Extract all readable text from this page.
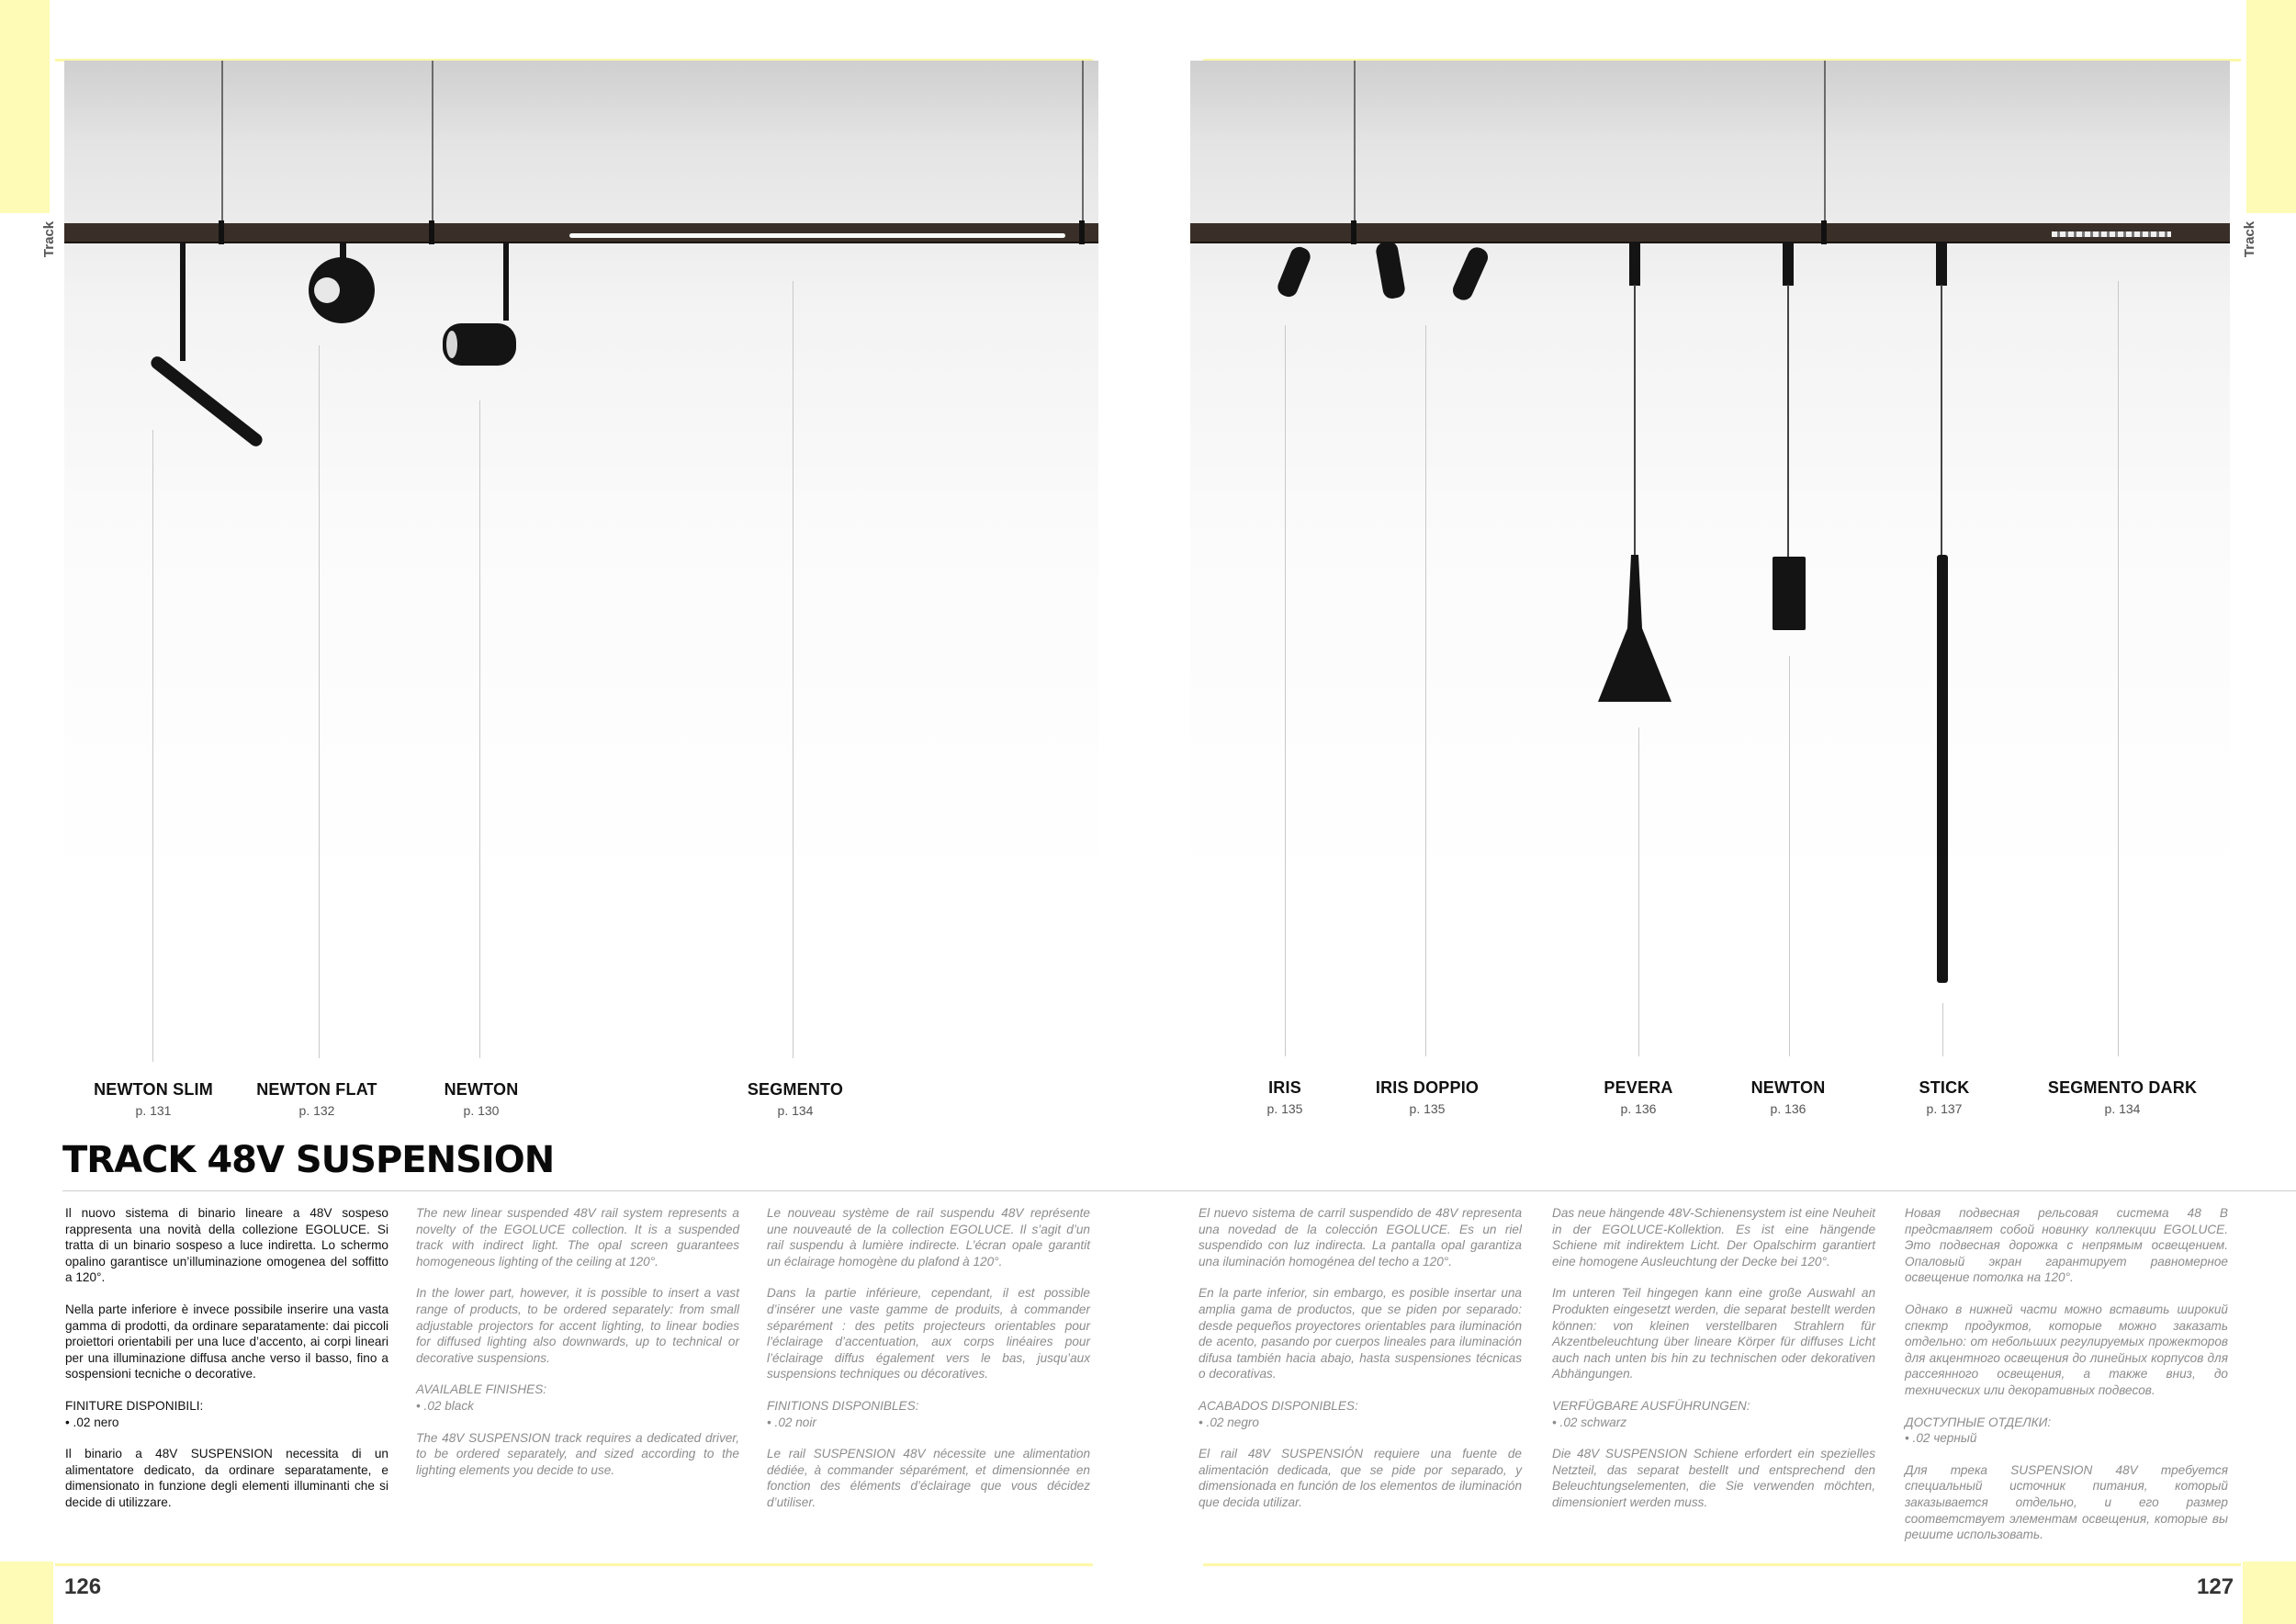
Track	Track
NEWTON SLIM
p. 131
NEWTON FLAT
p. 132
NEWTON
p. 130
SEGMENTO
p. 134
IRIS
p. 135
IRIS DOPPIO
p. 135
PEVERA
p. 136
NEWTON
p. 136
STICK
p. 137
SEGMENTO DARK
p. 134
TRACK 48V SUSPENSION

Il nuovo sistema di binario lineare a 48V sospeso rappresenta una novità della collezione EGOLUCE. Si tratta di un binario sospeso a luce indiretta. Lo schermo opalino garantisce un’illuminazione omogenea del soffitto a 120°.

Nella parte inferiore è invece possibile inserire una vasta gamma di prodotti, da ordinare separatamente: dai piccoli proiettori orientabili per una luce d’accento, ai corpi lineari per una illuminazione diffusa anche verso il basso, fino a sospensioni tecniche o decorative.

FINITURE DISPONIBILI:

• .02 nero

Il binario a 48V SUSPENSION necessita di un alimentatore dedicato, da ordinare separatamente, e dimensionato in funzione degli elementi illuminanti che si decide di utilizzare.

The new linear suspended 48V rail system represents a novelty of the EGOLUCE collection. It is a suspended track with indirect light. The opal screen guarantees homogeneous lighting of the ceiling at 120°.

In the lower part, however, it is possible to insert a vast range of products, to be ordered separately: from small adjustable projectors for accent lighting, to linear bodies for diffused lighting also downwards, up to technical or decorative suspensions.

AVAILABLE FINISHES:

• .02 black

The 48V SUSPENSION track requires a dedicated driver, to be ordered separately, and sized according to the lighting elements you decide to use.

Le nouveau système de rail suspendu 48V représente une nouveauté de la collection EGOLUCE. Il s’agit d’un rail suspendu à lumière indirecte. L’écran opale garantit un éclairage homogène du plafond à 120°.

Dans la partie inférieure, cependant, il est possible d’insérer une vaste gamme de produits, à commander séparément : des petits projecteurs orientables pour l’éclairage d’accentuation, aux corps linéaires pour l’éclairage diffus également vers le bas, jusqu’aux suspensions techniques ou décoratives.

FINITIONS DISPONIBLES:

• .02 noir

Le rail SUSPENSION 48V nécessite une alimentation dédiée, à commander séparément, et dimensionnée en fonction des éléments d’éclairage que vous décidez d’utiliser.

El nuevo sistema de carril suspendido de 48V representa una novedad de la colección EGOLUCE. Es un riel suspendido con luz indirecta. La pantalla opal garantiza una iluminación homogénea del techo a 120°.

En la parte inferior, sin embargo, es posible insertar una amplia gama de productos, que se piden por separado: desde pequeños proyectores orientables para iluminación de acento, pasando por cuerpos lineales para iluminación difusa también hacia abajo, hasta suspensiones técnicas o decorativas.

ACABADOS DISPONIBLES:

• .02 negro

El rail 48V SUSPENSIÓN requiere una fuente de alimentación dedicada, que se pide por separado, y dimensionada en función de los elementos de iluminación que decida utilizar.

Das neue hängende 48V-Schienensystem ist eine Neuheit in der EGOLUCE-Kollektion. Es ist eine hängende Schiene mit indirektem Licht. Der Opalschirm garantiert eine homogene Ausleuchtung der Decke bei 120°.

Im unteren Teil hingegen kann eine große Auswahl an Produkten eingesetzt werden, die separat bestellt werden können: von kleinen verstellbaren Strahlern für Akzentbeleuchtung über lineare Körper für diffuses Licht auch nach unten bis hin zu technischen oder dekorativen Abhängungen.

VERFÜGBARE AUSFÜHRUNGEN:

• .02 schwarz

Die 48V SUSPENSION Schiene erfordert ein spezielles Netzteil, das separat bestellt und entsprechend den Beleuchtungselementen, die Sie verwenden möchten, dimensioniert werden muss.

Новая подвесная рельсовая система 48 В представляет собой новинку коллекции EGOLUCE. Это подвесная дорожка с непрямым освещением. Опаловый экран гарантирует равномерное освещение потолка на 120°.

Однако в нижней части можно вставить широкий спектр продуктов, которые можно заказать отдельно: от небольших регулируемых прожекторов для акцентного освещения до линейных корпусов для рассеянного освещения, а также вниз, до технических или декоративных подвесов.

ДОСТУПНЫЕ ОТДЕЛКИ:

• .02 черный

Для трека SUSPENSION 48V требуется специальный источник питания, который заказывается отдельно, и его размер соответствует элементам освещения, которые вы решите использовать.

126	127
